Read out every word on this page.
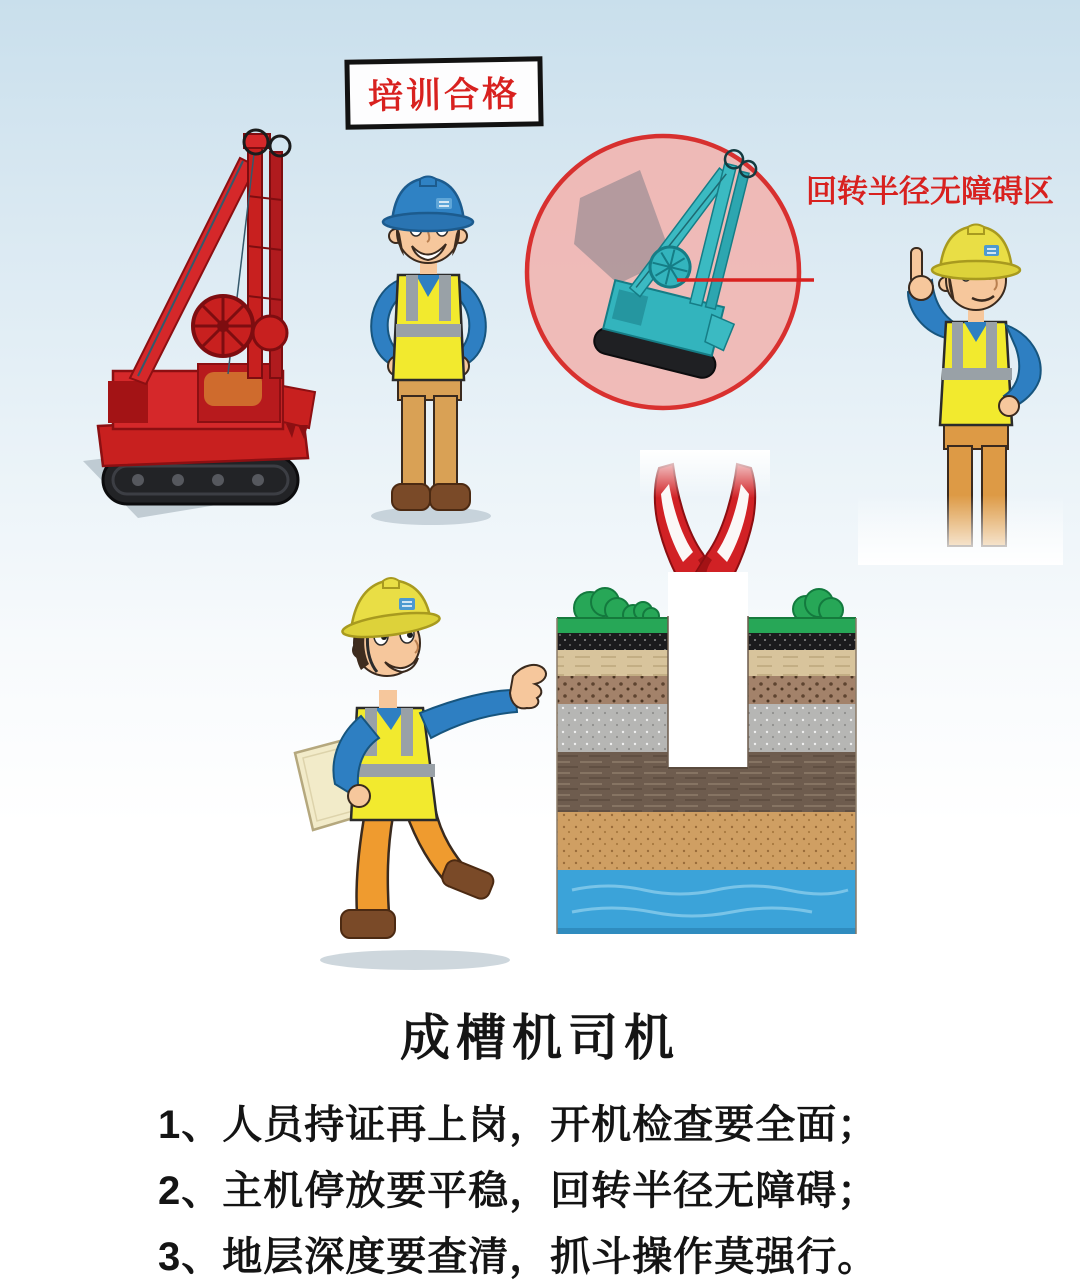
培训合格
回转半径无障碍区
成槽机司机
1、人员持证再上岗，开机检查要全面；
2、主机停放要平稳，回转半径无障碍；
3、地层深度要查清，抓斗操作莫强行。
